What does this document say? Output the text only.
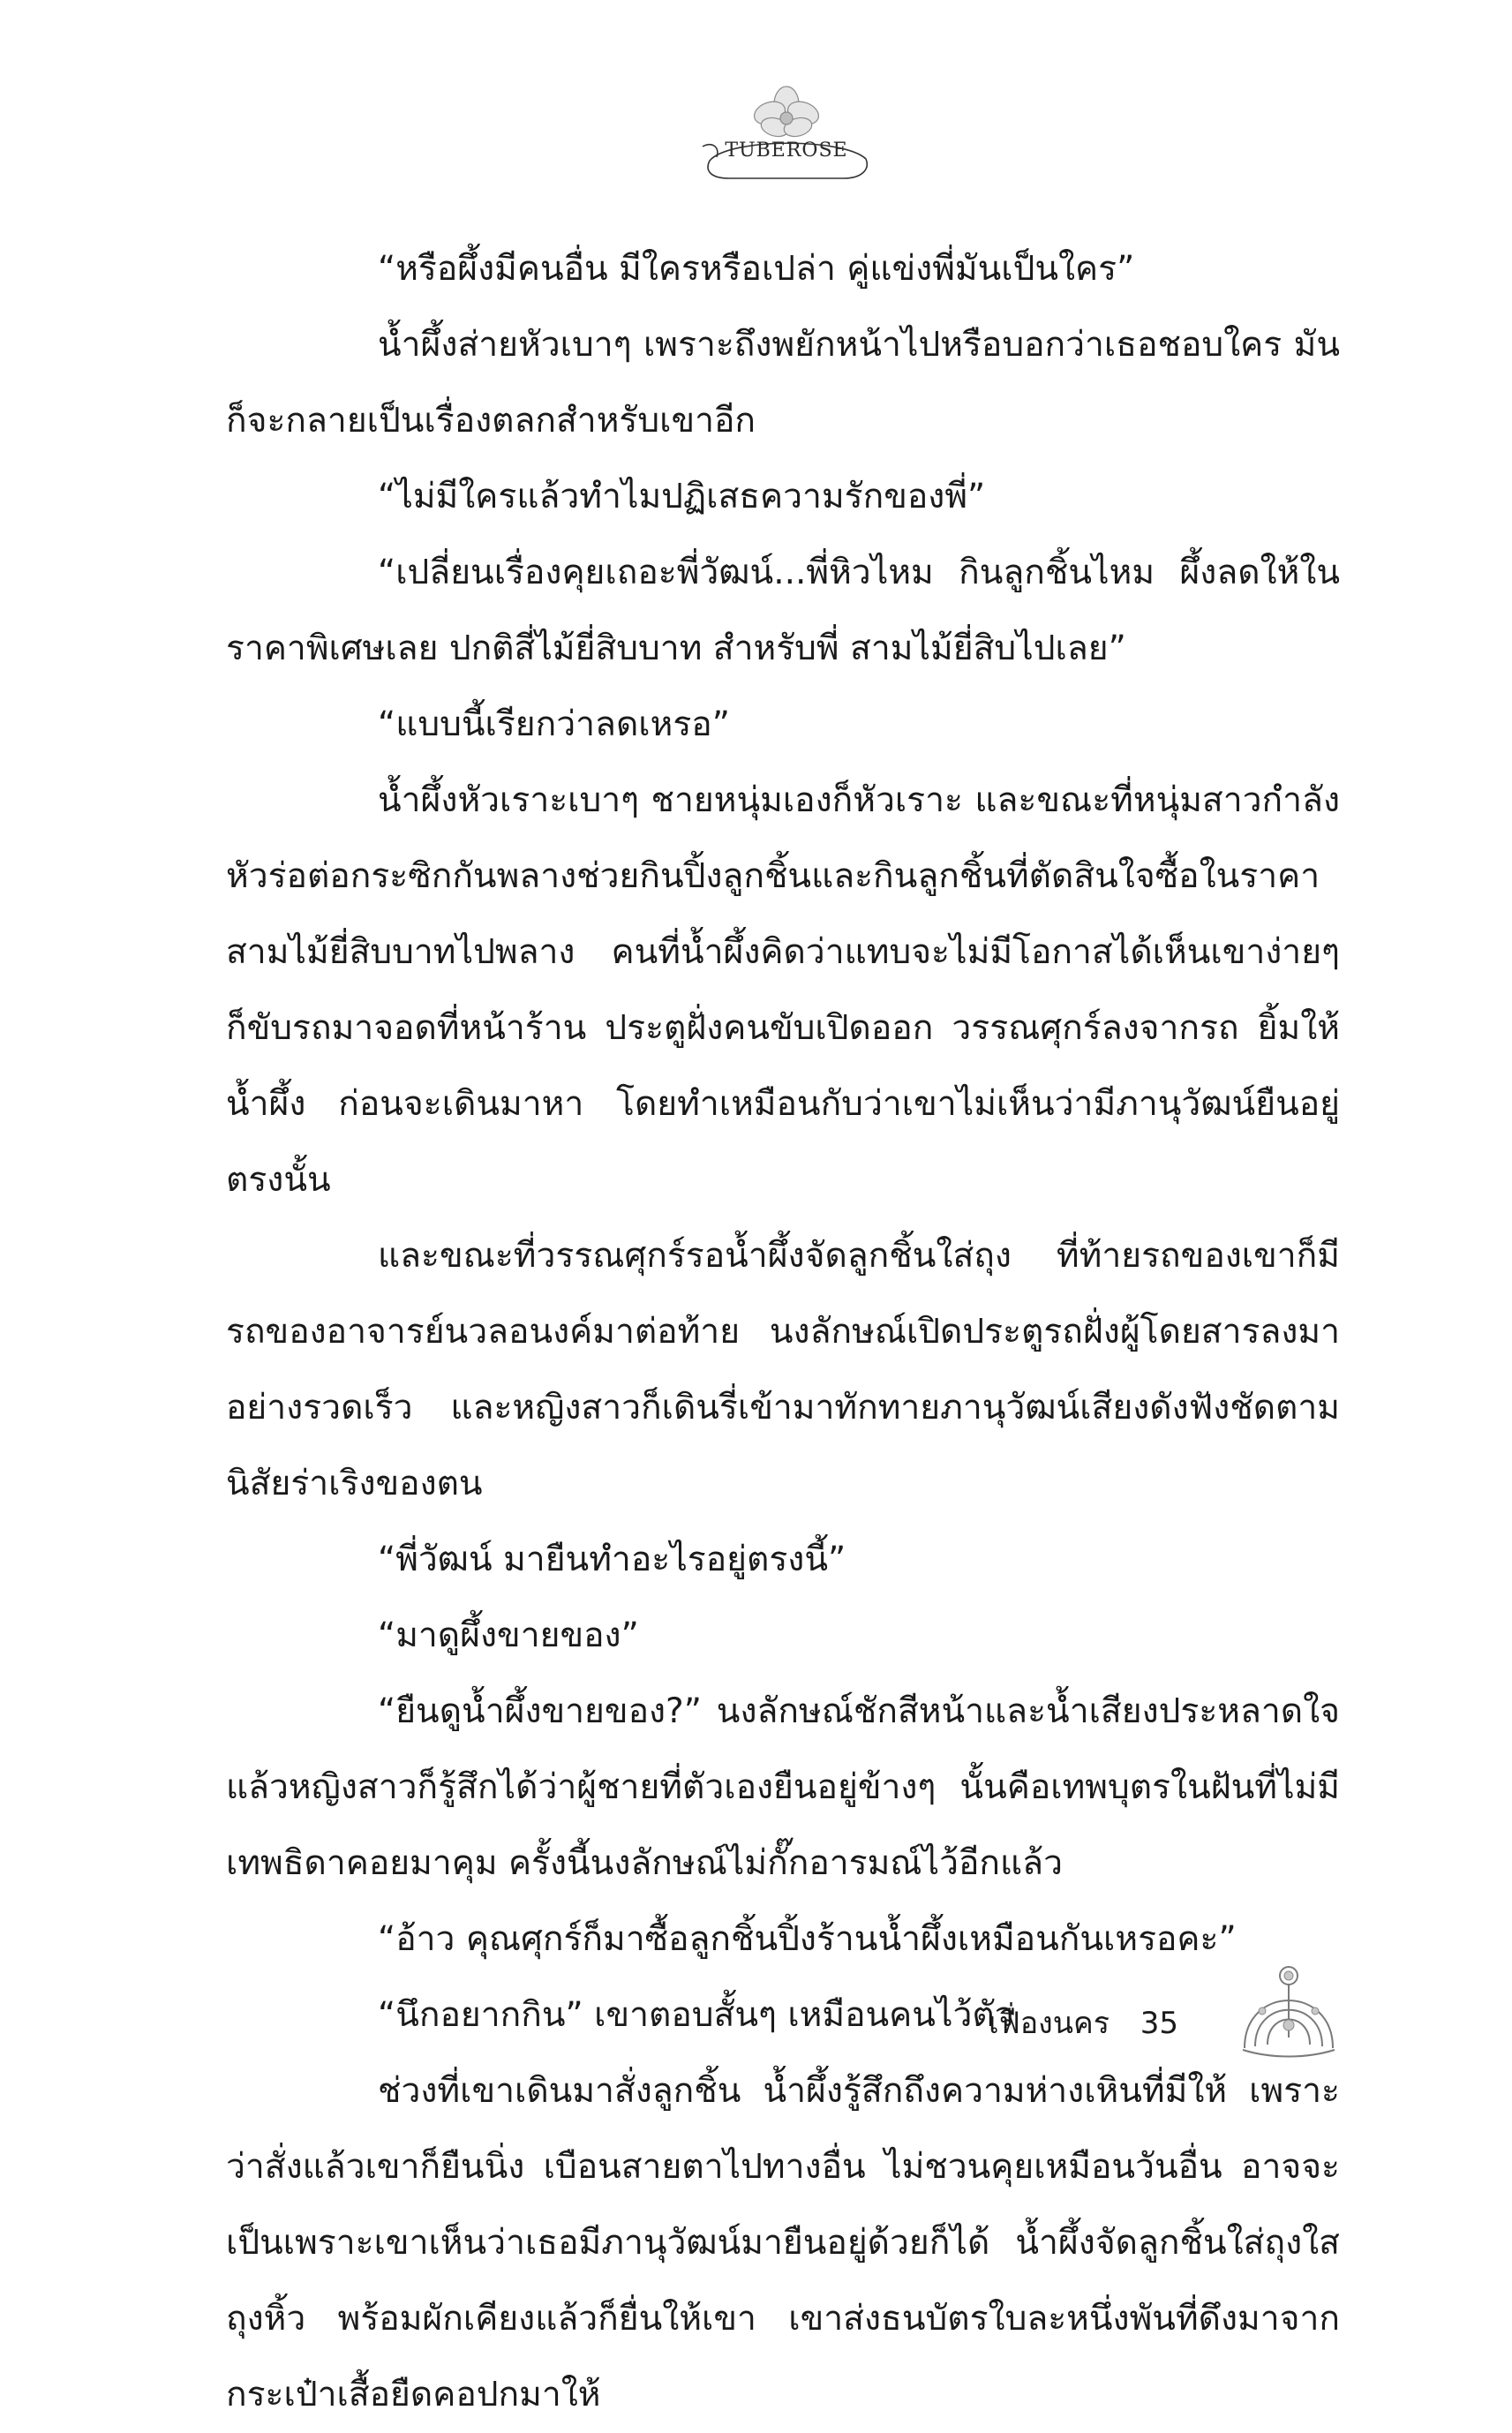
TUBEROSE

“หรือผึ้งมีคนอื่น มีใครหรือเปล่า คู่แข่งพี่มันเป็นใคร”

น้ำผึ้งส่ายหัวเบาๆ เพราะถึงพยักหน้าไปหรือบอกว่าเธอชอบใคร มันก็จะกลายเป็นเรื่องตลกสำหรับเขาอีก

“ไม่มีใครแล้วทำไมปฏิเสธความรักของพี่”

“เปลี่ยนเรื่องคุยเถอะพี่วัฒน์...พี่หิวไหม กินลูกชิ้นไหม ผึ้งลดให้ในราคาพิเศษเลย ปกติสี่ไม้ยี่สิบบาท สำหรับพี่ สามไม้ยี่สิบไปเลย”

“แบบนี้เรียกว่าลดเหรอ”

น้ำผึ้งหัวเราะเบาๆ ชายหนุ่มเองก็หัวเราะ และขณะที่หนุ่มสาวกำลังหัวร่อต่อกระซิกกันพลางช่วยกินปิ้งลูกชิ้นและกินลูกชิ้นที่ตัดสินใจซื้อในราคาสามไม้ยี่สิบบาทไปพลาง คนที่น้ำผึ้งคิดว่าแทบจะไม่มีโอกาสได้เห็นเขาง่ายๆ ก็ขับรถมาจอดที่หน้าร้าน ประตูฝั่งคนขับเปิดออก วรรณศุกร์ลงจากรถ ยิ้มให้น้ำผึ้ง ก่อนจะเดินมาหา โดยทำเหมือนกับว่าเขาไม่เห็นว่ามีภานุวัฒน์ยืนอยู่ตรงนั้น

และขณะที่วรรณศุกร์รอน้ำผึ้งจัดลูกชิ้นใส่ถุง ที่ท้ายรถของเขาก็มีรถของอาจารย์นวลอนงค์มาต่อท้าย นงลักษณ์เปิดประตูรถฝั่งผู้โดยสารลงมาอย่างรวดเร็ว และหญิงสาวก็เดินรี่เข้ามาทักทายภานุวัฒน์เสียงดังฟังชัดตามนิสัยร่าเริงของตน

“พี่วัฒน์ มายืนทำอะไรอยู่ตรงนี้”

“มาดูผึ้งขายของ”

“ยืนดูน้ำผึ้งขายของ?” นงลักษณ์ชักสีหน้าและน้ำเสียงประหลาดใจ แล้วหญิงสาวก็รู้สึกได้ว่าผู้ชายที่ตัวเองยืนอยู่ข้างๆ นั้นคือเทพบุตรในฝันที่ไม่มีเทพธิดาคอยมาคุม ครั้งนี้นงลักษณ์ไม่กั๊กอารมณ์ไว้อีกแล้ว

“อ้าว คุณศุกร์ก็มาซื้อลูกชิ้นปิ้งร้านน้ำผึ้งเหมือนกันเหรอคะ”

“นึกอยากกิน” เขาตอบสั้นๆ เหมือนคนไว้ตัว

ช่วงที่เขาเดินมาสั่งลูกชิ้น น้ำผึ้งรู้สึกถึงความห่างเหินที่มีให้ เพราะว่าสั่งแล้วเขาก็ยืนนิ่ง เบือนสายตาไปทางอื่น ไม่ชวนคุยเหมือนวันอื่น อาจจะเป็นเพราะเขาเห็นว่าเธอมีภานุวัฒน์มายืนอยู่ด้วยก็ได้ น้ำผึ้งจัดลูกชิ้นใส่ถุงใส ถุงหิ้ว พร้อมผักเคียงแล้วก็ยื่นให้เขา เขาส่งธนบัตรใบละหนึ่งพันที่ดึงมาจากกระเป๋าเสื้อยืดคอปกมาให้

เฟื่องนคร 35
